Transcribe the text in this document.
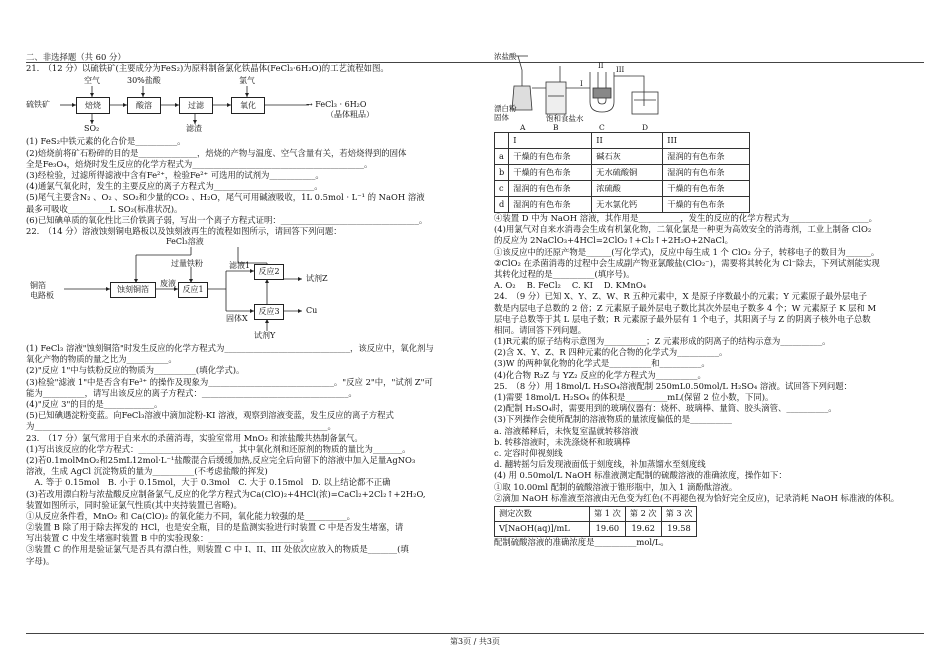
二、非选择题（共 60 分）

21.　（12 分）以硫铁矿(主要成分为FeS₂)为原料制备氯化铁晶体(FeCl₃·6H₂O)的工艺流程如图。

硫铁矿
空气	30%盐酸	氯气
焙烧	酸溶	过滤	氧化
SO₂	滤渣
→ FeCl₃ · 6H₂O
（晶体粗品）

(1) FeS₂中铁元素的化合价是__________。

(2)焙烧前将矿石粉碎的目的是______________，焙烧的产物与温度、空气含量有关，若焙烧得到的固体

全是Fe₃O₄，焙烧时发生反应的化学方程式为_________________________________________。

(3)经检验，过滤所得滤液中含有Fe²⁺，检验Fe²⁺ 可选用的试剂为___________。

(4)通氯气氧化时，发生的主要反应的离子方程式为________________________。

(5)尾气主要含N₂ 、O₂ 、SO₂和少量的CO₂ 、H₂O，尾气可用碱液吸收，1L 0.5mol · L⁻¹ 的 NaOH 溶液

最多可吸收__________L SO₂(标准状况)。

(6)已知碘单质的氧化性比三价铁离子弱，写出一个离子方程式证明：_________________________________。

22.　（14 分）溶液蚀刻铜电路板以及蚀刻液再生的流程如图所示，请回答下列问题：

FeCl₃溶液
铜箔
电路板
蚀刻铜箔
废液
过量铁粉
反应1
滤液1
反应2
试剂Z
固体X
反应3	Cu
试剂Y

(1) FeCl₃ 溶液"蚀刻铜箔"时发生反应的化学方程式为______________________________，该反应中，氧化剂与

氧化产物的物质的量之比为__________。

(2)"反应 1"中与铁粉反应的物质为__________(填化学式)。

(3)检验"滤液 1"中是否含有Fe³⁺ 的操作及现象为______________________________。"反应 2"中，"试剂 Z"可

能为__________，请写出该反应的离子方程式：___________________________________。

(4)"反应 3"的目的是____________。

(5)已知碘遇淀粉变蓝。向FeCl₃溶液中滴加淀粉-KI 溶液，观察到溶液变蓝，发生反应的离子方程式

为______________________________________________________________________。

23.　（17 分）氯气常用于自来水的杀菌消毒，实验室常用 MnO₂ 和浓盐酸共热制备氯气。

(1)写出该反应的化学方程式：______________________，其中氧化剂和还原剂的物质的量比为_______。

(2)若0.1molMnO₂和25mL12mol·L⁻¹盐酸混合后缓缓加热,反应完全后向留下的溶液中加入足量AgNO₃

溶液，生成 AgCl 沉淀物质的量为__________(不考虑盐酸的挥发)

　A. 等于 0.15mol　B. 小于 0.15mol，大于 0.3mol　C. 大于 0.15mol　D. 以上结论都不正确

(3)若改用漂白粉与浓盐酸反应制备氯气,反应的化学方程式为Ca(ClO)₂+4HCl(浓)=CaCl₂+2Cl₂↑+2H₂O,

装置如图所示，同时验证氯气性质(其中夹持装置已省略)。

①从反应条件看，MnO₂ 和 Ca(ClO)₂ 的氧化能力不同，氧化能力较强的是__________。

②装置 B 除了用于除去挥发的 HCl，也是安全瓶，目的是监测实验进行时装置 C 中是否发生堵塞，请

写出装置 C 中发生堵塞时装置 B 中的实验现象：______________________。

③装置 C 的作用是验证氯气是否具有漂白性，则装置 C 中 I、II、III 处依次应放入的物质是_______(填

字母)。

浓盐酸
漂白粉
固体	饱和食盐水
A	B	C	D
I
II III
	I	II	III
a	干燥的有色布条	碱石灰	湿润的有色布条
b	干燥的有色布条	无水硫酸铜	湿润的有色布条
c	湿润的有色布条	浓硫酸	干燥的有色布条
d	湿润的有色布条	无水氯化钙	干燥的有色布条

④装置 D 中为 NaOH 溶液，其作用是__________，发生的反应的化学方程式为___________________。

(4)用氯气对自来水消毒会生成有机氯化物，二氧化氯是一种更为高效安全的消毒剂，工业上制备 ClO₂

的反应为 2NaClO₃+4HCl=2ClO₂↑+Cl₂↑+2H₂O+2NaCl。

①该反应中的还原产物是______(写化学式)，反应中每生成 1 个 ClO₂ 分子，转移电子的数目为______。

②ClO₂ 在杀菌消毒的过程中会生成副产物亚氯酸盐(ClO₂⁻)，需要将其转化为 Cl⁻除去，下列试剂能实现

其转化过程的是__________(填序号)。

A. O₂　 B. FeCl₂　 C. KI　 D. KMnO₄

24.　（9 分）已知 X、Y、Z、W、R 五种元素中，X 是原子序数最小的元素；Y 元素原子最外层电子

数是内层电子总数的 2 倍；Z 元素原子最外层电子数比其次外层电子数多 4 个；W 元素原子 K 层和 M

层电子总数等于其 L 层电子数；R 元素原子最外层有 1 个电子，其阳离子与 Z 的阴离子核外电子总数

相同。请回答下列问题。

(1)R元素的原子结构示意图为__________；Z 元素形成的阴离子的结构示意为__________。

(2)含 X、Y、Z、R 四种元素的化合物的化学式为__________。

(3)W 的两种氧化物的化学式是__________和__________。

(4)化合物 R₂Z 与 YZ₂ 反应的化学方程式为__________。

25.　（8 分）用 18mol/L H₂SO₄溶液配制 250mL0.50mol/L H₂SO₄ 溶液。试回答下列问题：

(1)需要 18mol/L H₂SO₄ 的体积是__________mL(保留 2 位小数，下同)。

(2)配制 H₂SO₄时，需要用到的玻璃仪器有：烧杯、玻璃棒、量筒、胶头滴管、__________。

(3)下列操作会使所配制的溶液物质的量浓度偏低的是__________

a. 溶液稀释后，未恢复室温就转移溶液

b. 转移溶液时，未洗涤烧杯和玻璃棒

c. 定容时仰视刻线

d. 翻转摇匀后发现液面低于刻度线，补加蒸馏水至刻度线

(4) 用 0.50mol/L NaOH 标准液测定配制的硫酸溶液的准确浓度，操作如下：

①取 10.00ml 配制的硫酸溶液于锥形瓶中，加入 1 滴酚酞溶液。

②滴加 NaOH 标准液至溶液由无色变为红色(不再褪色视为恰好完全反应)，记录消耗 NaOH 标准液的体积。

测定次数	第 1 次	第 2 次	第 3 次
V[NaOH(aq)]/mL	19.60	19.62	19.58

配制硫酸溶液的准确浓度是__________mol/L。

第3页 / 共3页
